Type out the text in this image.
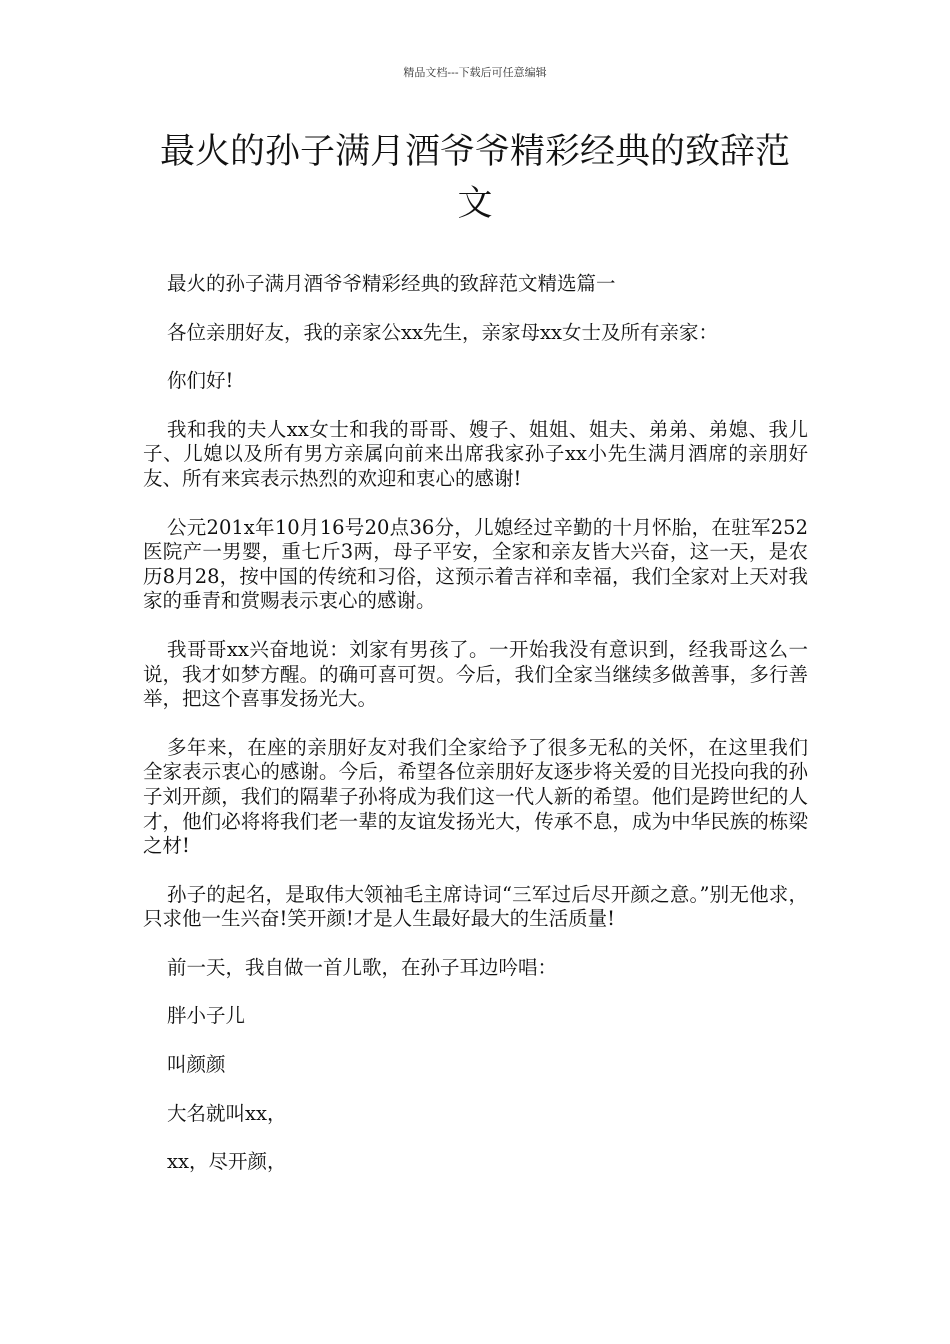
精品文档---下载后可任意编辑
最火的孙子满月酒爷爷精彩经典的致辞范文

最火的孙子满月酒爷爷精彩经典的致辞范文精选篇一

各位亲朋好友，我的亲家公xx先生，亲家母xx女士及所有亲家：

你们好!

我和我的夫人xx女士和我的哥哥、嫂子、姐姐、姐夫、弟弟、弟媳、我儿子、儿媳以及所有男方亲属向前来出席我家孙子xx小先生满月酒席的亲朋好友、所有来宾表示热烈的欢迎和衷心的感谢!

公元201x年10月16号20点36分，儿媳经过辛勤的十月怀胎，在驻军252医院产一男婴，重七斤3两，母子平安，全家和亲友皆大兴奋，这一天，是农历8月28，按中国的传统和习俗，这预示着吉祥和幸福，我们全家对上天对我家的垂青和赏赐表示衷心的感谢。

我哥哥xx兴奋地说：刘家有男孩了。一开始我没有意识到，经我哥这么一说，我才如梦方醒。的确可喜可贺。今后，我们全家当继续多做善事，多行善举，把这个喜事发扬光大。

多年来，在座的亲朋好友对我们全家给予了很多无私的关怀，在这里我们全家表示衷心的感谢。今后，希望各位亲朋好友逐步将关爱的目光投向我的孙子刘开颜，我们的隔辈子孙将成为我们这一代人新的希望。他们是跨世纪的人才，他们必将将我们老一辈的友谊发扬光大，传承不息，成为中华民族的栋梁之材!

孙子的起名，是取伟大领袖毛主席诗词“三军过后尽开颜之意。”别无他求，只求他一生兴奋!笑开颜!才是人生最好最大的生活质量!

前一天，我自做一首儿歌，在孙子耳边吟唱：

胖小子儿

叫颜颜

大名就叫xx，

xx，尽开颜，
